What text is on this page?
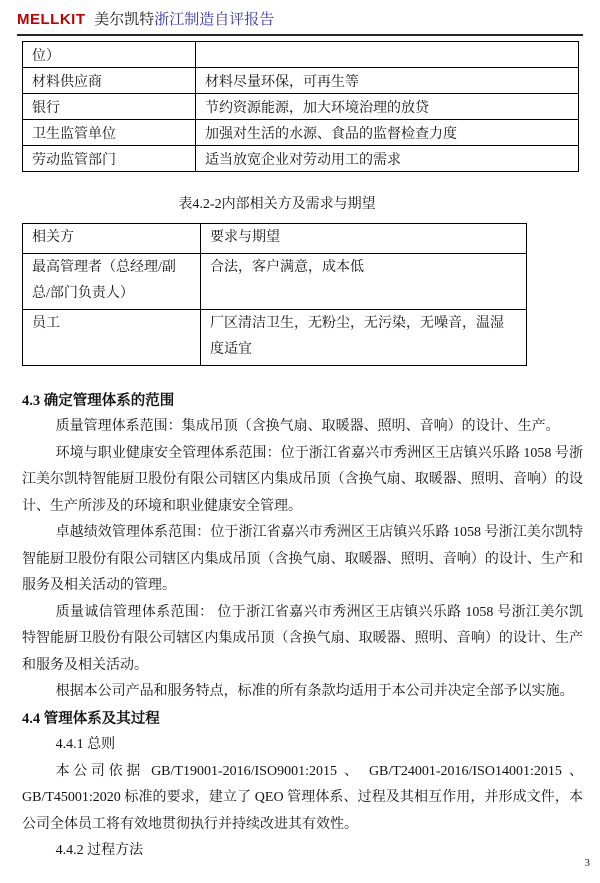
MELLKIT 美尔凯特浙江制造自评报告
位）	
材料供应商	材料尽量环保，可再生等
银行	节约资源能源，加大环境治理的放贷
卫生监管单位	加强对生活的水源、食品的监督检查力度
劳动监管部门	适当放宽企业对劳动用工的需求
表4.2-2内部相关方及需求与期望
相关方	要求与期望
最高管理者（总经理/副总/部门负责人）	合法，客户满意，成本低
员工	厂区清洁卫生，无粉尘，无污染，无噪音，温湿度适宜
4.3 确定管理体系的范围

质量管理体系范围：集成吊顶（含换气扇、取暖器、照明、音响）的设计、生产。

环境与职业健康安全管理体系范围：位于浙江省嘉兴市秀洲区王店镇兴乐路 1058 号浙江美尔凯特智能厨卫股份有限公司辖区内集成吊顶（含换气扇、取暖器、照明、音响）的设计、生产所涉及的环境和职业健康安全管理。

卓越绩效管理体系范围：位于浙江省嘉兴市秀洲区王店镇兴乐路 1058 号浙江美尔凯特智能厨卫股份有限公司辖区内集成吊顶（含换气扇、取暖器、照明、音响）的设计、生产和服务及相关活动的管理。

质量诚信管理体系范围： 位于浙江省嘉兴市秀洲区王店镇兴乐路 1058 号浙江美尔凯特智能厨卫股份有限公司辖区内集成吊顶（含换气扇、取暖器、照明、音响）的设计、生产和服务及相关活动。

根据本公司产品和服务特点，标准的所有条款均适用于本公司并决定全部予以实施。

4.4 管理体系及其过程
4.4.1 总则

本公司依据 GB/T19001-2016/ISO9001:2015 、 GB/T24001-2016/ISO14001:2015 、GB/T45001:2020 标准的要求，建立了 QEO 管理体系、过程及其相互作用，并形成文件，本公司全体员工将有效地贯彻执行并持续改进其有效性。

4.4.2 过程方法
3
